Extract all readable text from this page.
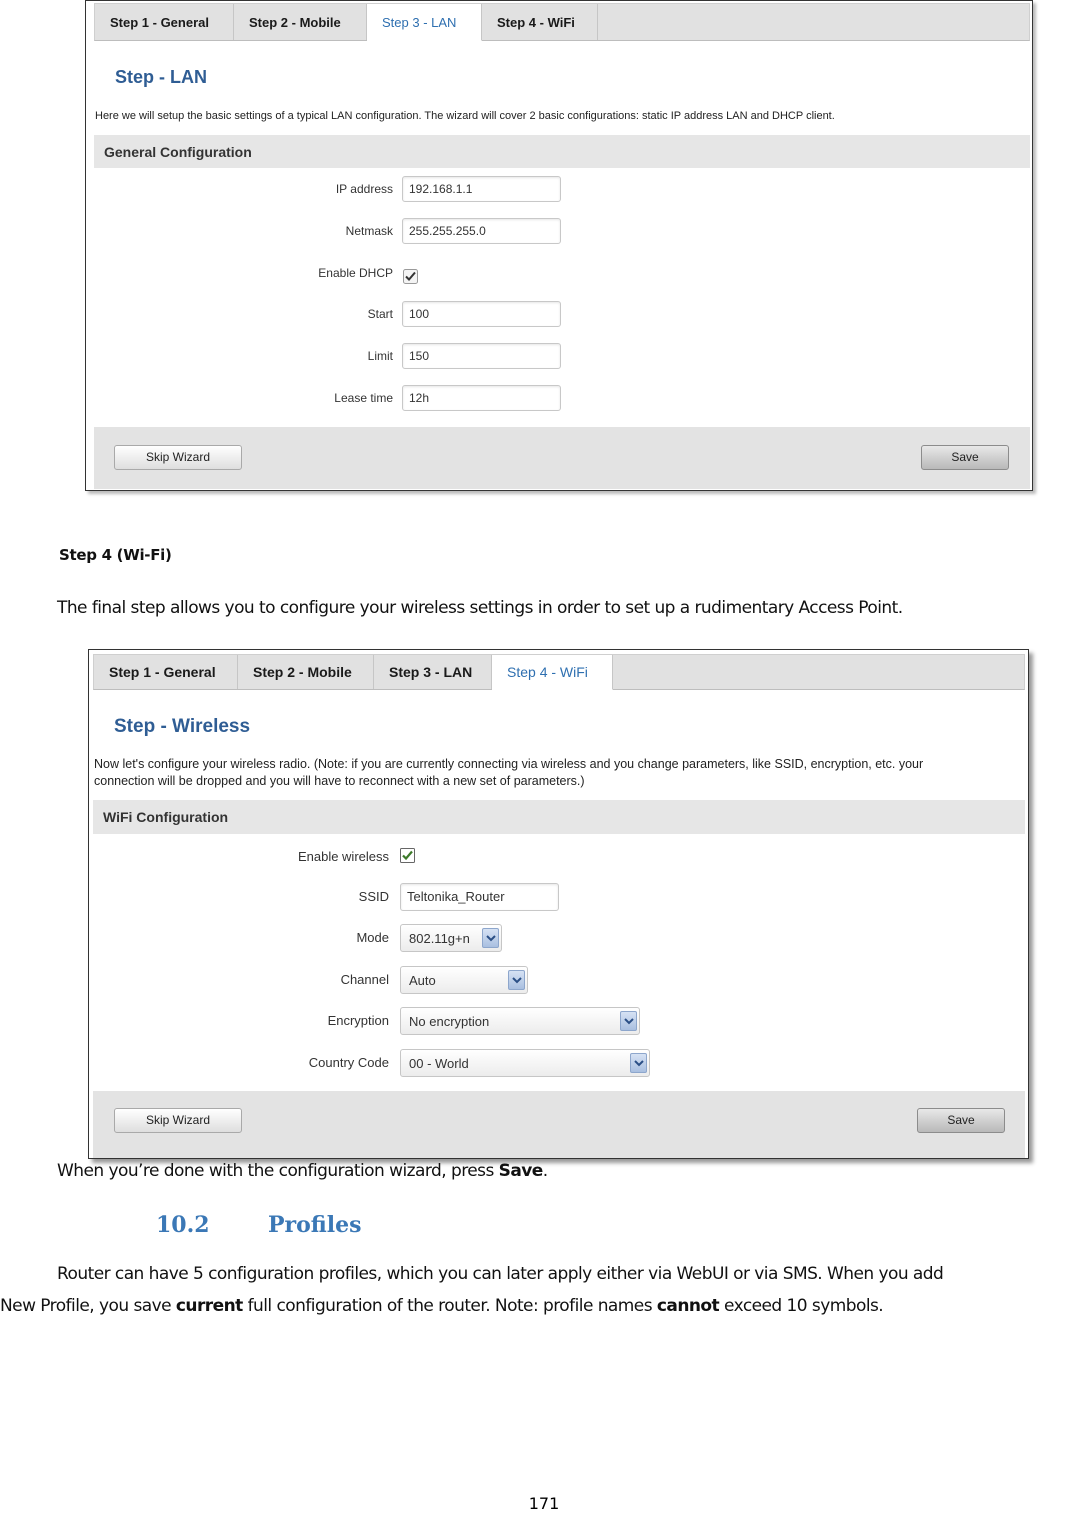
Step 1 - General	Step 2 - Mobile	Step 3 - LAN	Step 4 - WiFi
Step - LAN
Here we will setup the basic settings of a typical LAN configuration. The wizard will cover 2 basic configurations: static IP address LAN and DHCP client.
General Configuration
IP address	192.168.1.1
Netmask	255.255.255.0
Enable DHCP
Start	100
Limit	150
Lease time	12h
Skip Wizard	Save
Step 4 (Wi-Fi)
The final step allows you to configure your wireless settings in order to set up a rudimentary Access Point.
Step 1 - General	Step 2 - Mobile	Step 3 - LAN	Step 4 - WiFi
Step - Wireless
Now let's configure your wireless radio. (Note: if you are currently connecting via wireless and you change parameters, like SSID, encryption, etc. your
connection will be dropped and you will have to reconnect with a new set of parameters.)
WiFi Configuration
Enable wireless
SSID	Teltonika_Router
Mode	802.11g+n
Channel	Auto
Encryption	No encryption
Country Code	00 - World
Skip Wizard	Save
When you’re done with the configuration wizard, press Save.
10.2	Profiles
Router can have 5 configuration profiles, which you can later apply either via WebUI or via SMS. When you add
New Profile, you save current full configuration of the router. Note: profile names cannot exceed 10 symbols.
171
